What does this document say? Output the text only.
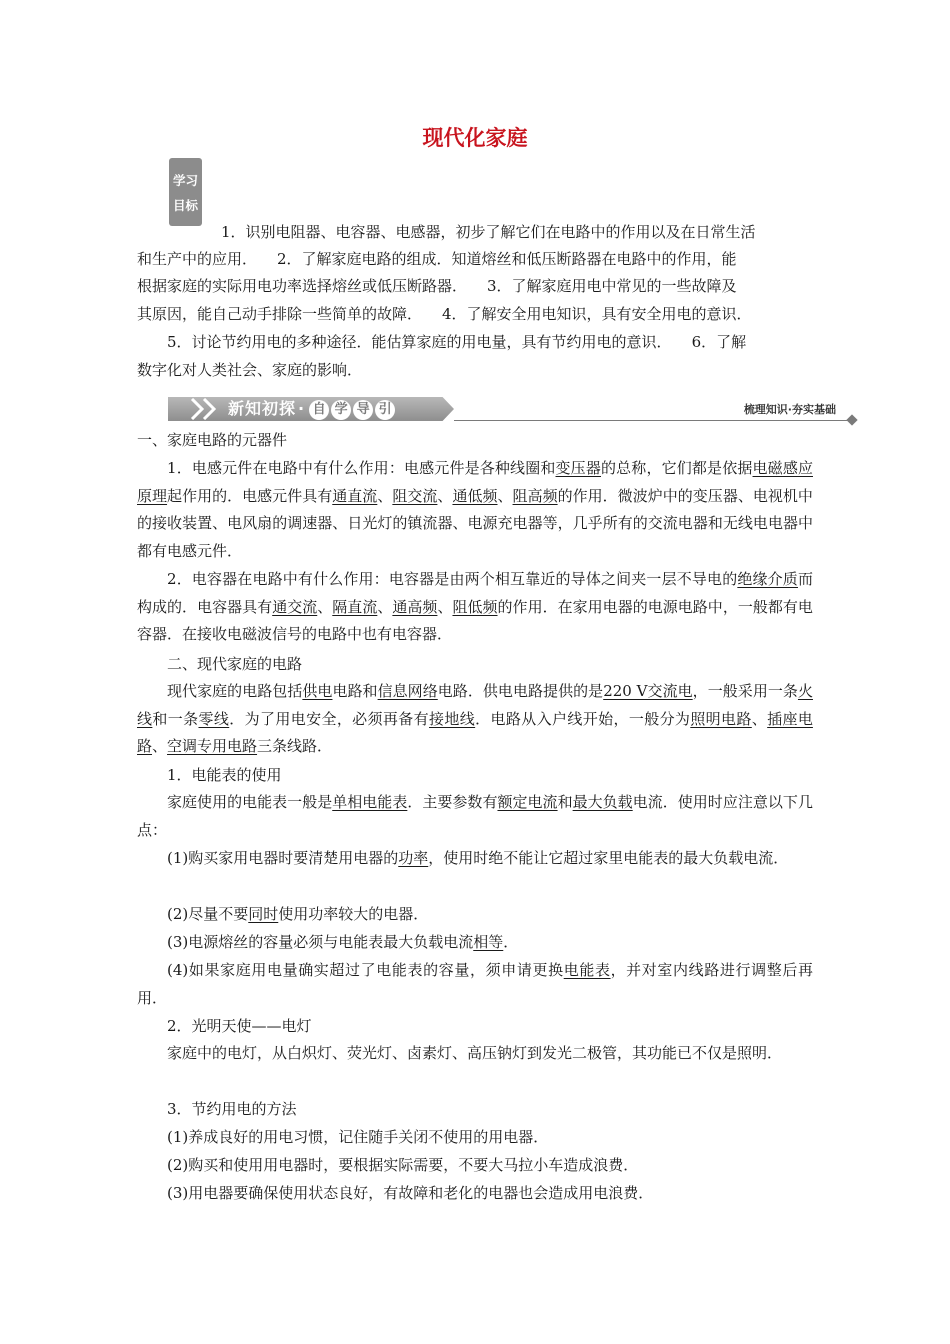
现代化家庭
学习
目标

1．识别电阻器、电容器、电感器，初步了解它们在电路中的作用以及在日常生活

和生产中的应用． 2．了解家庭电路的组成．知道熔丝和低压断路器在电路中的作用，能

根据家庭的实际用电功率选择熔丝或低压断路器． 3．了解家庭用电中常见的一些故障及

其原因，能自己动手排除一些简单的故障． 4．了解安全用电知识，具有安全用电的意识．

5．讨论节约用电的多种途径．能估算家庭的用电量，具有节约用电的意识． 6．了解

数字化对人类社会、家庭的影响．

新知初探 · 自 学 导 引	梳理知识·夯实基础

一、家庭电路的元器件

1．电感元件在电路中有什么作用：电感元件是各种线圈和变压器的总称，它们都是依据电磁感应原理起作用的．电感元件具有通直流、阻交流、通低频、阻高频的作用．微波炉中的变压器、电视机中的接收装置、电风扇的调速器、日光灯的镇流器、电源充电器等，几乎所有的交流电器和无线电电器中都有电感元件．

2．电容器在电路中有什么作用：电容器是由两个相互靠近的导体之间夹一层不导电的绝缘介质而构成的．电容器具有通交流、隔直流、通高频、阻低频的作用．在家用电器的电源电路中，一般都有电容器．在接收电磁波信号的电路中也有电容器．

二、现代家庭的电路

现代家庭的电路包括供电电路和信息网络电路．供电电路提供的是220 V交流电，一般采用一条火线和一条零线．为了用电安全，必须再备有接地线．电路从入户线开始，一般分为照明电路、插座电路、空调专用电路三条线路．

1．电能表的使用

家庭使用的电能表一般是单相电能表．主要参数有额定电流和最大负载电流．使用时应注意以下几点：

(1)购买家用电器时要清楚用电器的功率，使用时绝不能让它超过家里电能表的最大负载电流．

(2)尽量不要同时使用功率较大的电器．

(3)电源熔丝的容量必须与电能表最大负载电流相等．

(4)如果家庭用电量确实超过了电能表的容量，须申请更换电能表，并对室内线路进行调整后再用．

2．光明天使——电灯

家庭中的电灯，从白炽灯、荧光灯、卤素灯、高压钠灯到发光二极管，其功能已不仅是照明．

3．节约用电的方法

(1)养成良好的用电习惯，记住随手关闭不使用的用电器．

(2)购买和使用用电器时，要根据实际需要，不要大马拉小车造成浪费．

(3)用电器要确保使用状态良好，有故障和老化的电器也会造成用电浪费．
